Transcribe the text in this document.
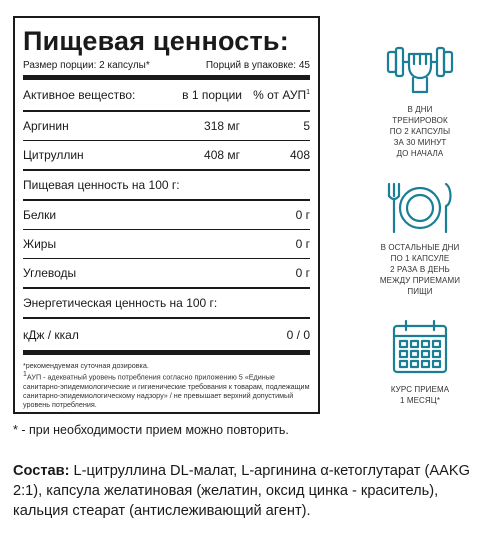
Пищевая ценность:
Размер порции: 2 капсулы*	Порций в упаковке: 45
Активное вещество:	в 1 порции % от АУП$^1$
Аргинин	318 мг	5
Цитруллин	408 мг	408
Пищевая ценность на 100 г:
Белки	0 г
Жиры	0 г
Углеводы	0 г
Энергетическая ценность на 100 г:
кДж / ккал	0 / 0

*рекомендуемая суточная дозировка.

$^1$АУП - адекватный уровень потребления согласно приложению 5 «Единые санитарно-эпидемиологические и гигиенические требования к товарам, подлежащим санитарно-эпидемиологическому надзору» / не превышает верхний допустимый уровень потребления.

* - при необходимости прием можно повторить.
Состав: L-цитруллина DL-малат, L-аргинина α-кетоглутарат (AAKG 2:1), капсула желатиновая (желатин, оксид цинка - краситель), кальция стеарат (антислеживающий агент).
В ДНИ
ТРЕНИРОВОК
ПО 2 КАПСУЛЫ
ЗА 30 МИНУТ
ДО НАЧАЛА
В ОСТАЛЬНЫЕ ДНИ
ПО 1 КАПСУЛЕ
2 РАЗА В ДЕНЬ
МЕЖДУ ПРИЕМАМИ
ПИЩИ
КУРС ПРИЕМА
1 МЕСЯЦ*
